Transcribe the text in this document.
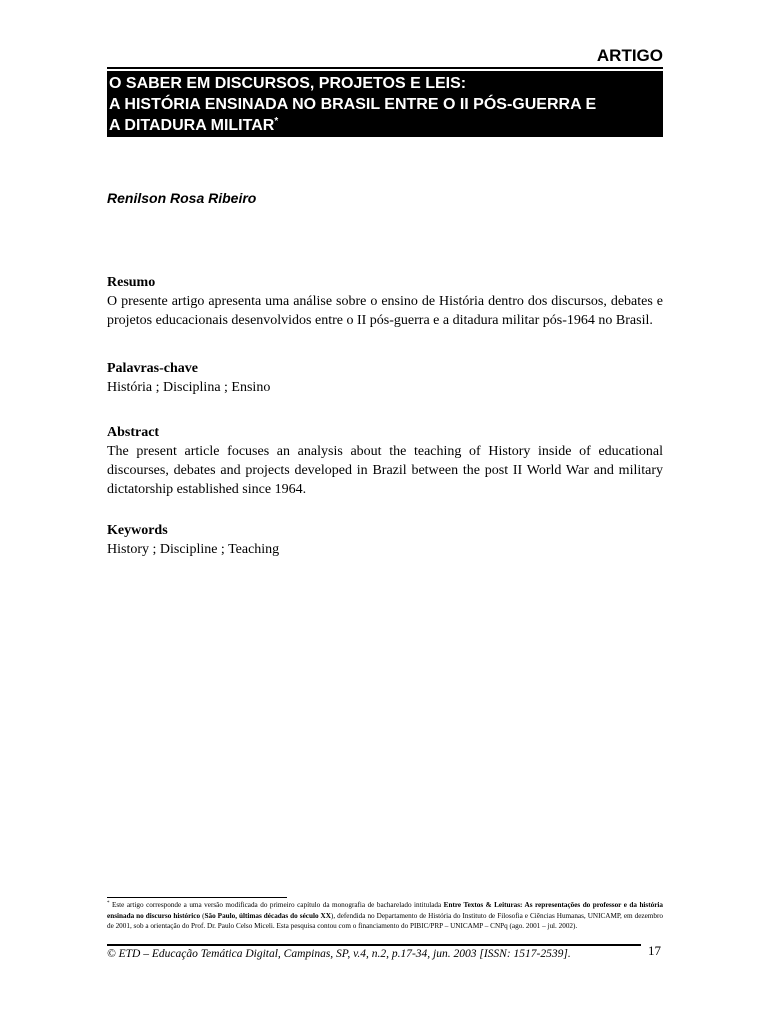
ARTIGO
O SABER EM DISCURSOS, PROJETOS E LEIS:
A HISTÓRIA ENSINADA NO BRASIL ENTRE O II PÓS-GUERRA E
A DITADURA MILITAR*
Renilson Rosa Ribeiro
Resumo

O presente artigo apresenta uma análise sobre o ensino de História dentro dos discursos, debates e projetos educacionais desenvolvidos entre o II pós-guerra e a ditadura militar pós-1964 no Brasil.

Palavras-chave

História ; Disciplina ; Ensino

Abstract

The present article focuses an analysis about the teaching of History inside of educational discourses, debates and projects developed in Brazil between the post II World War and military dictatorship established since 1964.

Keywords

History ; Discipline ; Teaching

* Este artigo corresponde a uma versão modificada do primeiro capítulo da monografia de bacharelado intitulada Entre Textos & Leituras: As representações do professor e da história ensinada no discurso histórico (São Paulo, últimas décadas do século XX), defendida no Departamento de História do Instituto de Filosofia e Ciências Humanas, UNICAMP, em dezembro de 2001, sob a orientação do Prof. Dr. Paulo Celso Miceli. Esta pesquisa contou com o financiamento do PIBIC/PRP – UNICAMP – CNPq (ago. 2001 – jul. 2002).
© ETD – Educação Temática Digital, Campinas, SP, v.4, n.2, p.17-34, jun. 2003 [ISSN: 1517-2539].	17
